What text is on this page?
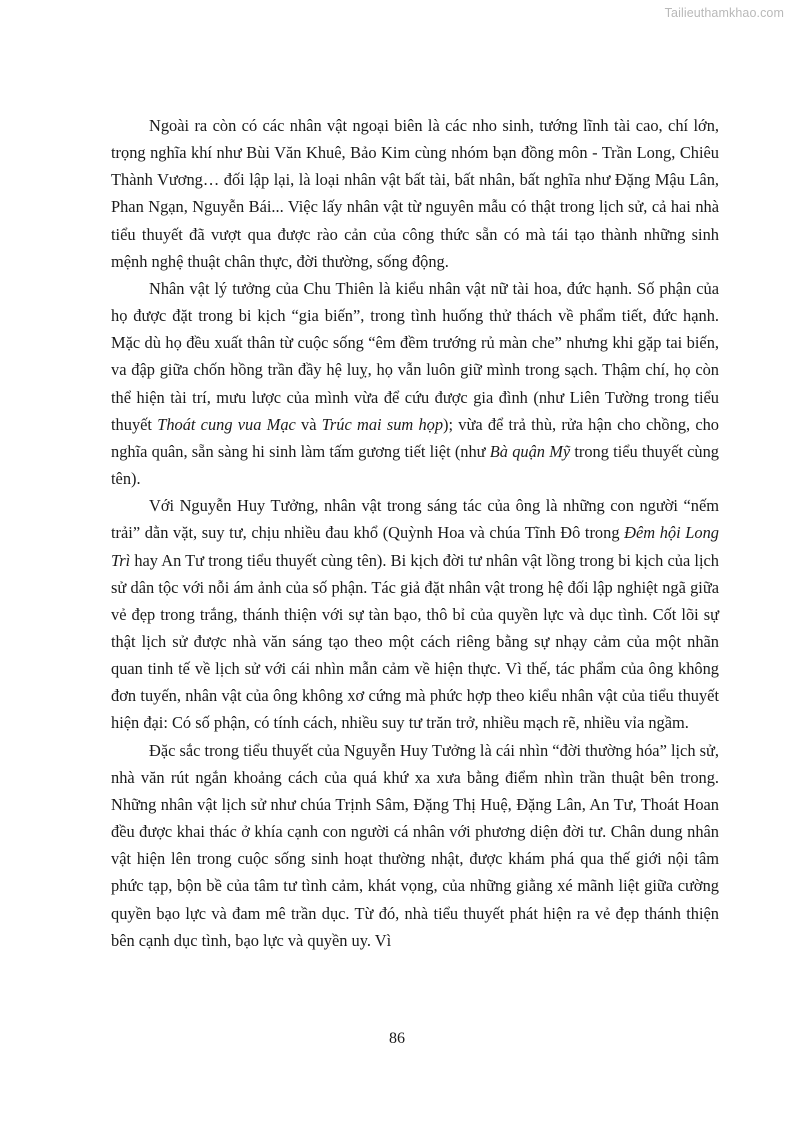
Tailieuthamkhao.com

Ngoài ra còn có các nhân vật ngoại biên là các nho sinh, tướng lĩnh tài cao, chí lớn, trọng nghĩa khí như Bùi Văn Khuê, Bảo Kim cùng nhóm bạn đồng môn - Trần Long, Chiêu Thành Vương… đối lập lại, là loại nhân vật bất tài, bất nhân, bất nghĩa như Đặng Mậu Lân, Phan Ngạn, Nguyễn Bái... Việc lấy nhân vật từ nguyên mẫu có thật trong lịch sử, cả hai nhà tiểu thuyết đã vượt qua được rào cản của công thức sẵn có mà tái tạo thành những sinh mệnh nghệ thuật chân thực, đời thường, sống động.

Nhân vật lý tưởng của Chu Thiên là kiểu nhân vật nữ tài hoa, đức hạnh. Số phận của họ được đặt trong bi kịch “gia biến”, trong tình huống thử thách về phẩm tiết, đức hạnh. Mặc dù họ đều xuất thân từ cuộc sống “êm đềm trướng rủ màn che” nhưng khi gặp tai biến, va đập giữa chốn hồng trần đầy hệ luỵ, họ vẫn luôn giữ mình trong sạch. Thậm chí, họ còn thể hiện tài trí, mưu lược của mình vừa để cứu được gia đình (như Liên Tường trong tiểu thuyết Thoát cung vua Mạc và Trúc mai sum họp); vừa để trả thù, rửa hận cho chồng, cho nghĩa quân, sẵn sàng hi sinh làm tấm gương tiết liệt (như Bà quận Mỹ trong tiểu thuyết cùng tên).

Với Nguyễn Huy Tưởng, nhân vật trong sáng tác của ông là những con người “nếm trải” dằn vặt, suy tư, chịu nhiều đau khổ (Quỳnh Hoa và chúa Tĩnh Đô trong Đêm hội Long Trì hay An Tư trong tiểu thuyết cùng tên). Bi kịch đời tư nhân vật lồng trong bi kịch của lịch sử dân tộc với nỗi ám ảnh của số phận. Tác giả đặt nhân vật trong hệ đối lập nghiệt ngã giữa vẻ đẹp trong trắng, thánh thiện với sự tàn bạo, thô bỉ của quyền lực và dục tình. Cốt lõi sự thật lịch sử được nhà văn sáng tạo theo một cách riêng bằng sự nhạy cảm của một nhãn quan tinh tế về lịch sử với cái nhìn mẫn cảm về hiện thực. Vì thế, tác phẩm của ông không đơn tuyến, nhân vật của ông không xơ cứng mà phức hợp theo kiểu nhân vật của tiểu thuyết hiện đại: Có số phận, có tính cách, nhiều suy tư trăn trở, nhiều mạch rẽ, nhiều vỉa ngầm.

Đặc sắc trong tiểu thuyết của Nguyễn Huy Tưởng là cái nhìn “đời thường hóa” lịch sử, nhà văn rút ngắn khoảng cách của quá khứ xa xưa bằng điểm nhìn trần thuật bên trong. Những nhân vật lịch sử như chúa Trịnh Sâm, Đặng Thị Huệ, Đặng Lân, An Tư, Thoát Hoan đều được khai thác ở khía cạnh con người cá nhân với phương diện đời tư. Chân dung nhân vật hiện lên trong cuộc sống sinh hoạt thường nhật, được khám phá qua thế giới nội tâm phức tạp, bộn bề của tâm tư tình cảm, khát vọng, của những giằng xé mãnh liệt giữa cường quyền bạo lực và đam mê trần dục. Từ đó, nhà tiểu thuyết phát hiện ra vẻ đẹp thánh thiện bên cạnh dục tình, bạo lực và quyền uy. Vì

86
